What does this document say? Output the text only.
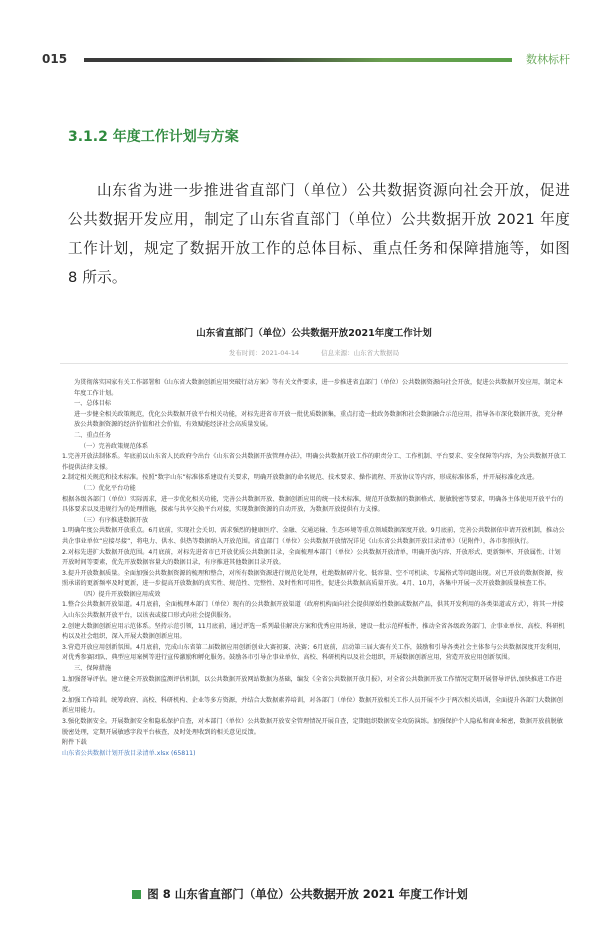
015	数林标杆
3.1.2 年度工作计划与方案
山东省为进一步推进省直部门（单位）公共数据资源向社会开放，促进公共数据开发应用，制定了山东省直部门（单位）公共数据开放 2021 年度工作计划，规定了数据开放工作的总体目标、重点任务和保障措施等，如图 8 所示。
山东省直部门（单位）公共数据开放2021年度工作计划
发布时间：2021-04-14	信息来源：山东省大数据局

为贯彻落实国家有关工作部署和《山东省大数据创新应用突破行动方案》等有关文件要求，进一步推进省直部门（单位）公共数据资源向社会开放，促进公共数据开发应用，制定本年度工作计划。

一、总体目标

进一步健全相关政策规范，优化公共数据开放平台相关功能，对标先进省市开放一批优质数据集，重点打造一批政务数据和社会数据融合示范应用，指导各市深化数据开放，充分释放公共数据资源的经济价值和社会价值，有效赋能经济社会高质量发展。

二、重点任务

（一）完善政策规范体系

1.完善开放法制体系。年底前以山东省人民政府令出台《山东省公共数据开放管理办法》，明确公共数据开放工作的职责分工、工作机制、平台要求、安全保障等内容，为公共数据开放工作提供法律支撑。

2.制定相关规范和技术标准。按照“数字山东”标准体系建设有关要求，明确开放数据的命名规范、技术要求、操作流程、开放协议等内容，形成标准体系，并开展标准化改进。

（二）优化平台功能

根据各级各部门（单位）实际需求，进一步优化相关功能，完善公共数据开放、数据创新应用的统一技术标准，规范开放数据的数据格式、脱敏脱密等要求，明确各主体使用开放平台的具体要求以及违规行为的处理措施，探索与共享交换平台对接，实现数据资源的自动开放，为数据开放提供有力支撑。

（三）有序推进数据开放

1.明确年度公共数据开放重点。6月底前，实现社会关切、需求强烈的健康医疗、金融、交通运输、生态环境等重点领域数据深度开放。9月底前，完善公共数据依申请开放机制，推动公共企事业单位“应接尽接”，将电力、供水、供热等数据纳入开放范围。省直部门（单位）公共数据开放情况详见《山东省公共数据开放目录清单》（见附件），各市参照执行。

2.对标先进扩大数据开放范围。4月底前，对标先进省市已开放优质公共数据目录，全面梳理本部门（单位）公共数据开放清单，明确开放内容、开放形式、更新频率、开放属性、计划开放时间等要素，优先开放数据容量大的数据目录，有序推进其他数据目录开放。

3.提升开放数据质量。全面加强公共数据资源的梳理和整合，对所有数据资源进行规范化处理，杜绝数据碎片化、低容量、空不可机读、专属格式等问题出现。对已开放的数据资源，按照承诺的更新频率及时更新，进一步提高开放数据的真实性、规范性、完整性、及时性和可用性，促进公共数据高质量开放。4月、10月，各集中开展一次开放数据质量核查工作。

（四）提升开放数据应用成效

1.整合公共数据开放渠道。4月底前，全面梳理本部门（单位）现有的公共数据开放渠道（政府机构面向社会提供原始性数据或数据产品，供其开发利用的各类渠道或方式），将其一并接入山东公共数据开放平台，以该表或接口形式向社会提供服务。

2.创建大数据创新应用示范体系。坚持示范引领，11月底前，通过评选一系列最佳解决方案和优秀应用场景，建设一批示范样板件，推动全省各级政务部门、企事业单位、高校、科研机构以及社会组织，深入开展大数据创新应用。

3.营造开放应用创新氛围。4月底前，完成山东省第二届数据应用创新创业大赛初赛、决赛；6月底前，启动第三届大赛有关工作，鼓励和引导各类社会主体参与公共数据深度开发利用，对优秀参赛团队、典型应用案例等进行宣传激励和孵化服务。鼓励各市引导企事业单位、高校、科研机构以及社会组织，开展数据创新应用，营造开放应用创新氛围。

三、保障措施

1.加强督导评估。建立健全开放数据监测评估机制，以公共数据开放网站数据为基础，编发《全省公共数据开放月报》，对全省公共数据开放工作情况定期开展督导评估,加快推进工作进度。

2.加强工作培训。统筹政府、高校、科研机构、企业等多方资源，并结合大数据素养培训，对各部门（单位）数据开放相关工作人员开展不少于两次相关培训，全面提升各部门大数据创新应用能力。

3.强化数据安全。开展数据安全和隐私保护自查，对本部门（单位）公共数据开放安全管理情况开展自查，定期组织数据安全攻防演练。加强保护个人隐私和商业秘密，数据开放前脱敏脱密处理，定期开展敏感字段平台核查，及时处理收到的相关意见反馈。

附件下载

山东省公共数据计划开放目录清单.xlsx (65811)

图 8 山东省直部门（单位）公共数据开放 2021 年度工作计划
